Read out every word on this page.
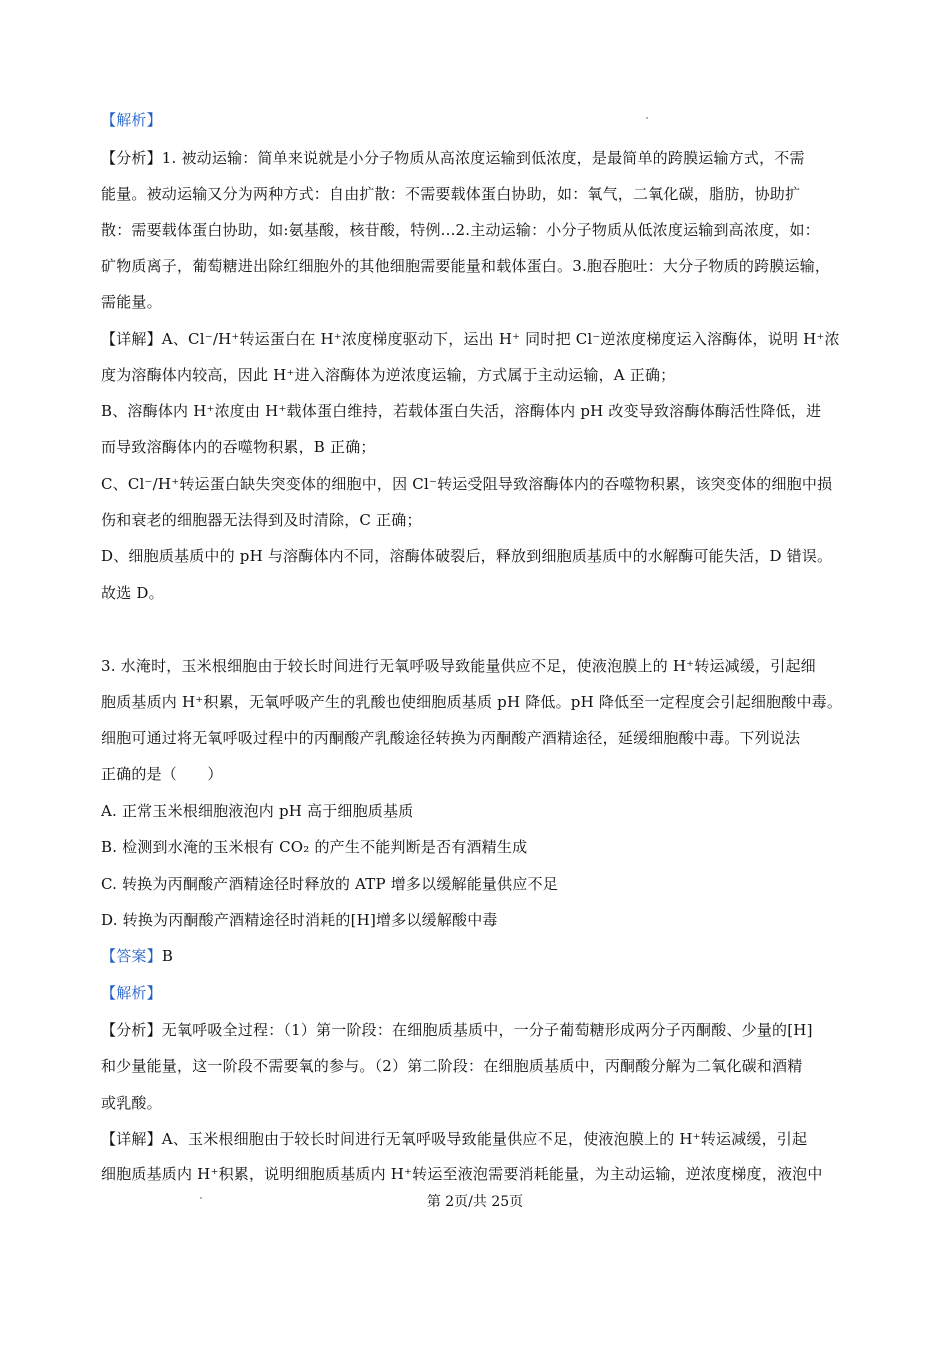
【解析】
【分析】1. 被动运输：简单来说就是小分子物质从高浓度运输到低浓度，是最简单的跨膜运输方式，不需
能量。被动运输又分为两种方式：自由扩散：不需要载体蛋白协助，如：氧气，二氧化碳，脂肪，协助扩
散：需要载体蛋白协助，如:氨基酸，核苷酸，特例...2.主动运输：小分子物质从低浓度运输到高浓度，如：
矿物质离子，葡萄糖进出除红细胞外的其他细胞需要能量和载体蛋白。3.胞吞胞吐：大分子物质的跨膜运输，
需能量。
【详解】A、Cl⁻/H⁺转运蛋白在 H⁺浓度梯度驱动下，运出 H⁺ 同时把 Cl⁻逆浓度梯度运入溶酶体，说明 H⁺浓
度为溶酶体内较高，因此 H⁺进入溶酶体为逆浓度运输，方式属于主动运输，A 正确；
B、溶酶体内 H⁺浓度由 H⁺载体蛋白维持，若载体蛋白失活，溶酶体内 pH 改变导致溶酶体酶活性降低，进
而导致溶酶体内的吞噬物积累，B 正确；
C、Cl⁻/H⁺转运蛋白缺失突变体的细胞中，因 Cl⁻转运受阻导致溶酶体内的吞噬物积累，该突变体的细胞中损
伤和衰老的细胞器无法得到及时清除，C 正确；
D、细胞质基质中的 pH 与溶酶体内不同，溶酶体破裂后，释放到细胞质基质中的水解酶可能失活，D 错误。
故选 D。
3. 水淹时，玉米根细胞由于较长时间进行无氧呼吸导致能量供应不足，使液泡膜上的 H⁺转运减缓，引起细
胞质基质内 H⁺积累，无氧呼吸产生的乳酸也使细胞质基质 pH 降低。pH 降低至一定程度会引起细胞酸中毒。
细胞可通过将无氧呼吸过程中的丙酮酸产乳酸途径转换为丙酮酸产酒精途径，延缓细胞酸中毒。下列说法
正确的是（　　）
A. 正常玉米根细胞液泡内 pH 高于细胞质基质
B. 检测到水淹的玉米根有 CO₂ 的产生不能判断是否有酒精生成
C. 转换为丙酮酸产酒精途径时释放的 ATP 增多以缓解能量供应不足
D. 转换为丙酮酸产酒精途径时消耗的[H]增多以缓解酸中毒
【答案】B
【解析】
【分析】无氧呼吸全过程：（1）第一阶段：在细胞质基质中，一分子葡萄糖形成两分子丙酮酸、少量的[H]
和少量能量，这一阶段不需要氧的参与。（2）第二阶段：在细胞质基质中，丙酮酸分解为二氧化碳和酒精
或乳酸。
【详解】A、玉米根细胞由于较长时间进行无氧呼吸导致能量供应不足，使液泡膜上的 H⁺转运减缓，引起
细胞质基质内 H⁺积累，说明细胞质基质内 H⁺转运至液泡需要消耗能量，为主动运输，逆浓度梯度，液泡中
第 2页/共 25页
